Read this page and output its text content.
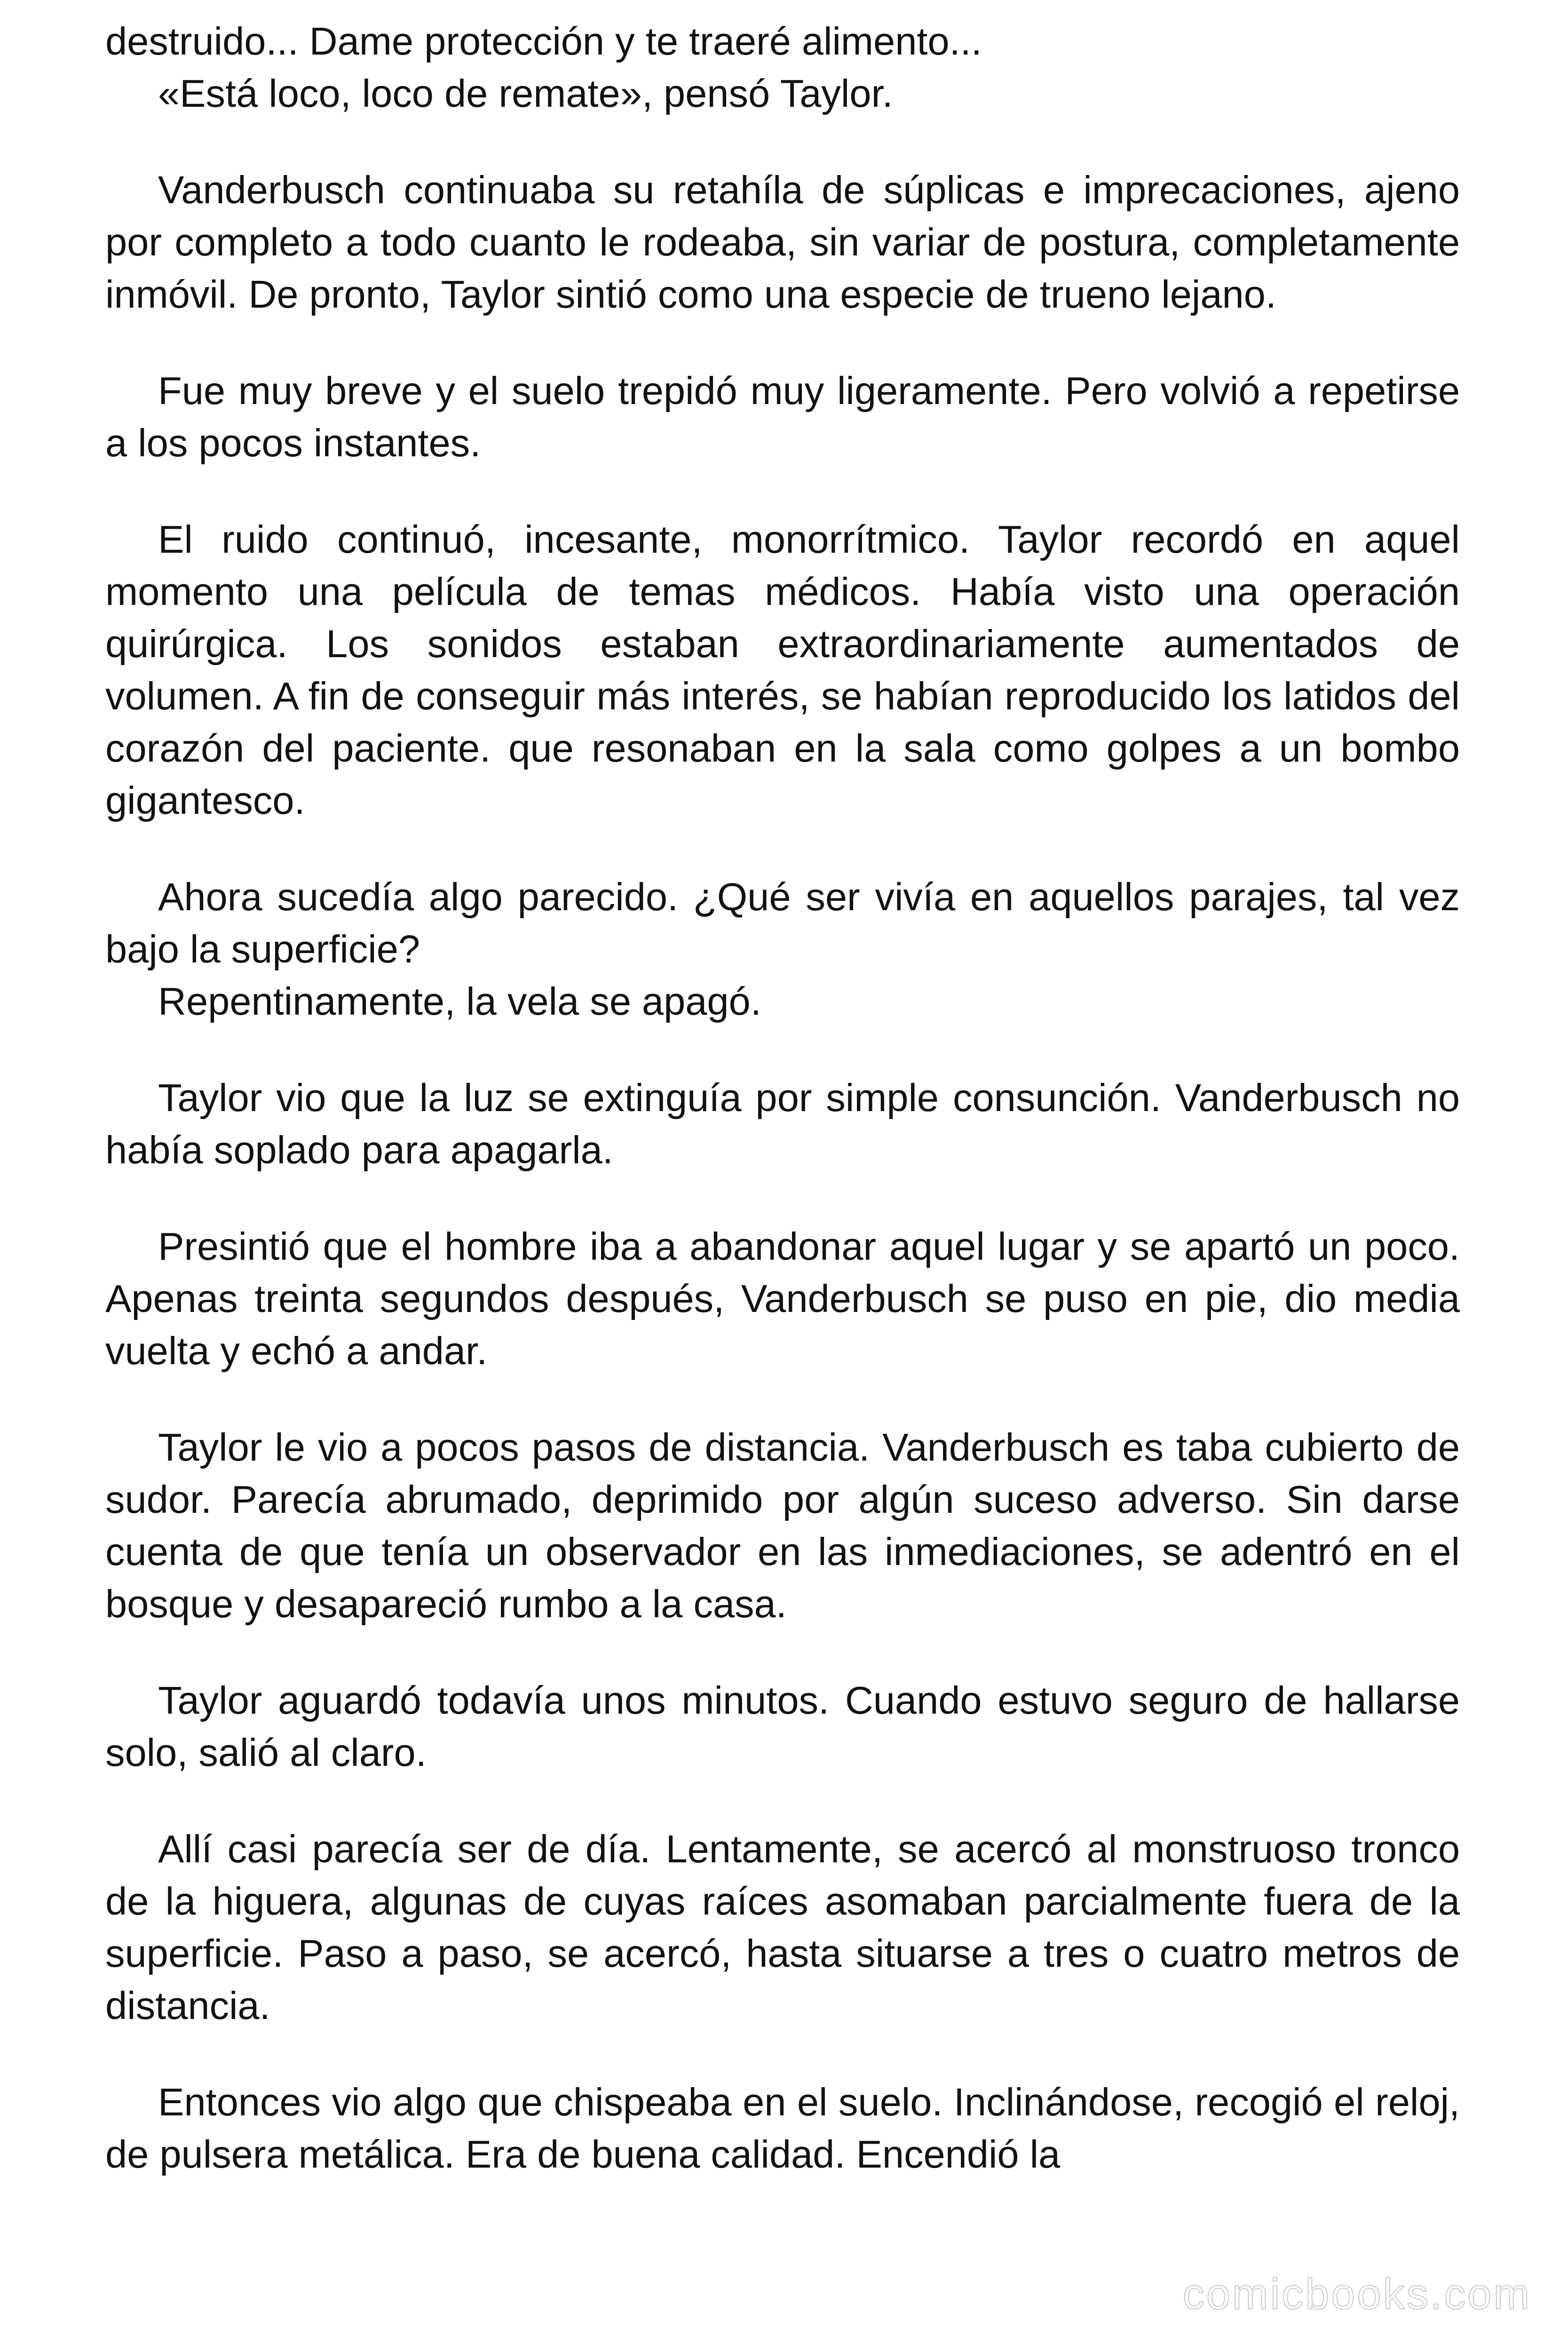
destruido... Dame protección y te traeré alimento...

«Está loco, loco de remate», pensó Taylor.

Vanderbusch continuaba su retahíla de súplicas e imprecaciones, ajeno por completo a todo cuanto le rodeaba, sin variar de postura, completamente inmóvil. De pronto, Taylor sintió como una especie de trueno lejano.

Fue muy breve y el suelo trepidó muy ligeramente. Pero volvió a repetirse a los pocos instantes.

El ruido continuó, incesante, monorrítmico. Taylor recordó en aquel momento una película de temas médicos. Había visto una operación quirúrgica. Los sonidos estaban extraordinariamente aumentados de volumen. A fin de conseguir más interés, se habían reproducido los latidos del corazón del paciente. que resonaban en la sala como golpes a un bombo gigantesco.

Ahora sucedía algo parecido. ¿Qué ser vivía en aquellos parajes, tal vez bajo la superficie?

Repentinamente, la vela se apagó.

Taylor vio que la luz se extinguía por simple consunción. Vanderbusch no había soplado para apagarla.

Presintió que el hombre iba a abandonar aquel lugar y se apartó un poco. Apenas treinta segundos después, Vanderbusch se puso en pie, dio media vuelta y echó a andar.

Taylor le vio a pocos pasos de distancia. Vanderbusch es taba cubierto de sudor. Parecía abrumado, deprimido por algún suceso adverso. Sin darse cuenta de que tenía un observador en las inmediaciones, se adentró en el bosque y desapareció rumbo a la casa.

Taylor aguardó todavía unos minutos. Cuando estuvo seguro de hallarse solo, salió al claro.

Allí casi parecía ser de día. Lentamente, se acercó al monstruoso tronco de la higuera, algunas de cuyas raíces asomaban parcialmente fuera de la superficie. Paso a paso, se acercó, hasta situarse a tres o cuatro metros de distancia.

Entonces vio algo que chispeaba en el suelo. Inclinándose, recogió el reloj, de pulsera metálica. Era de buena calidad. Encendió la

comicbooks.com
